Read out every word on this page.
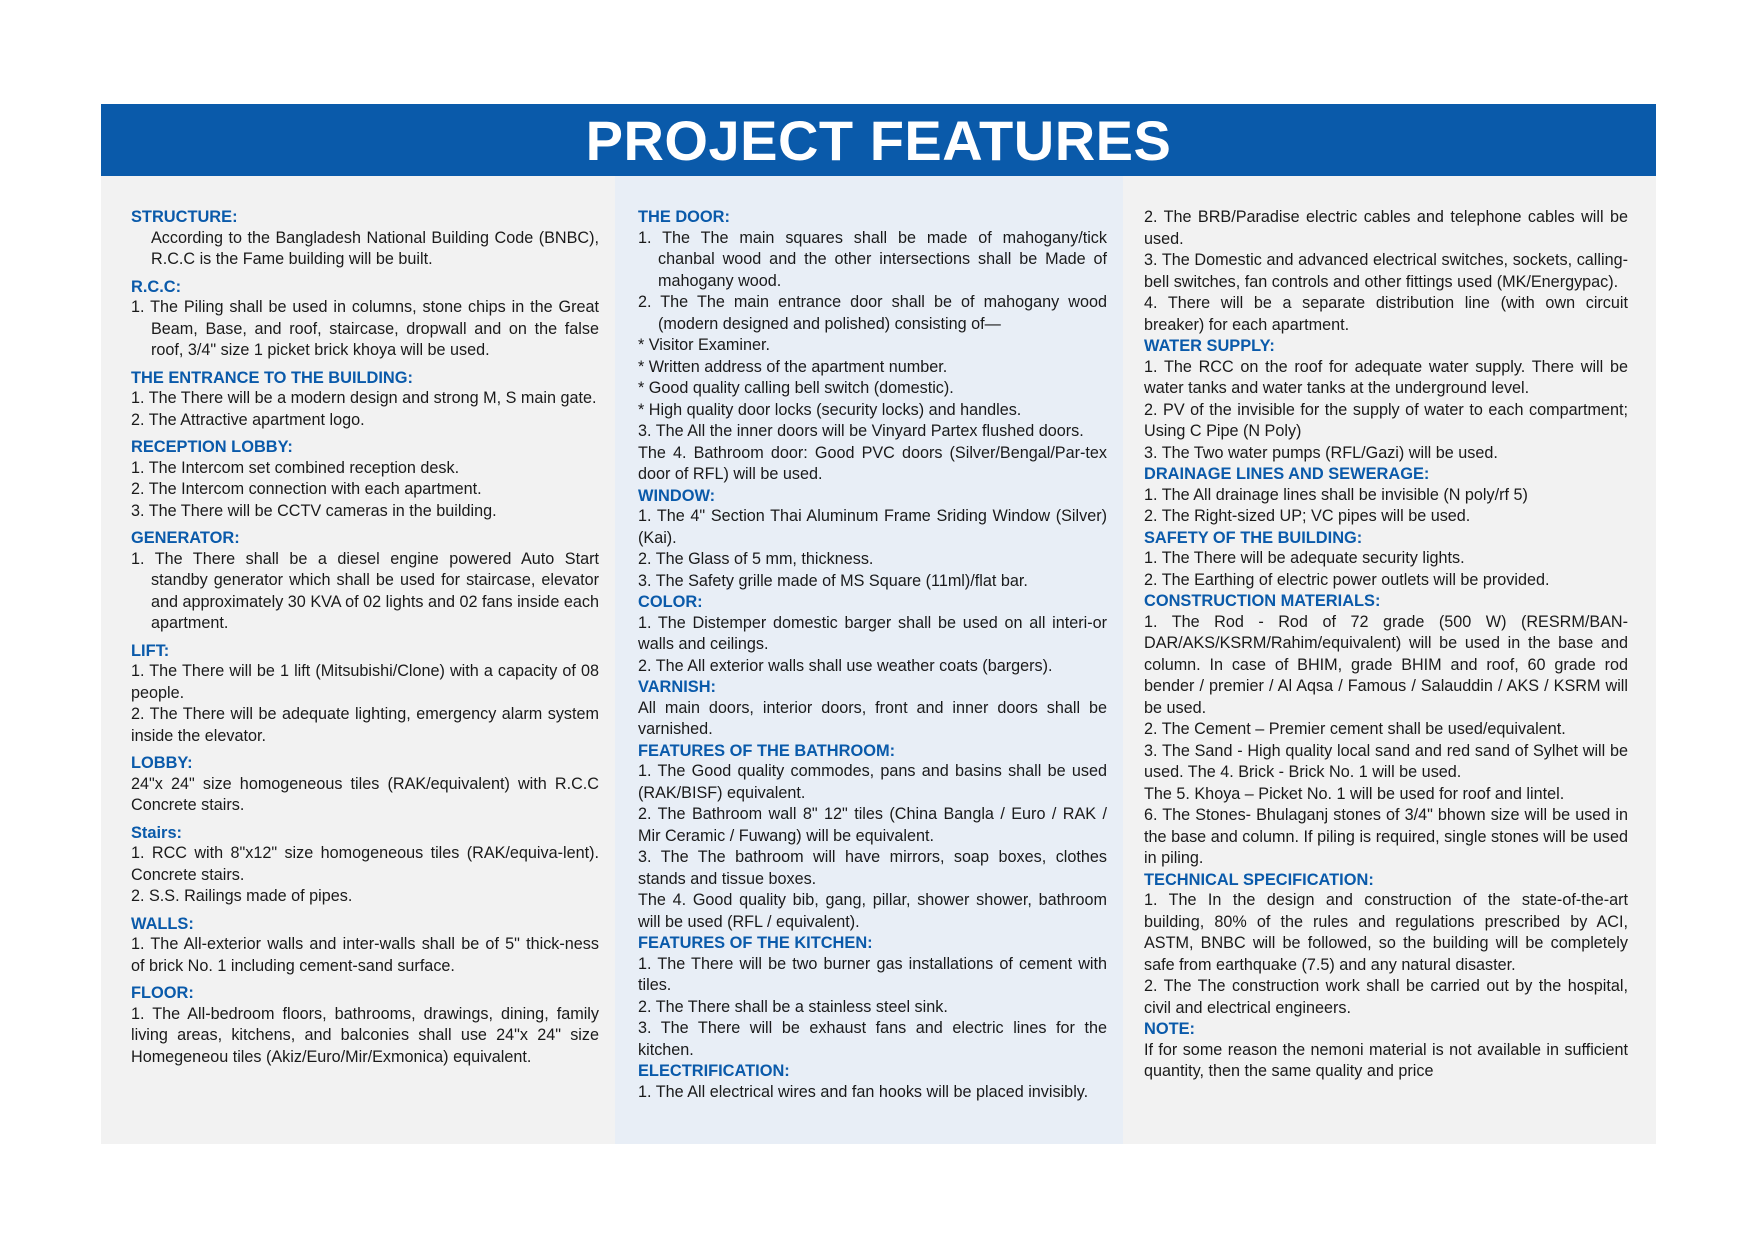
PROJECT FEATURES
STRUCTURE:
According to the Bangladesh National Building Code (BNBC), R.C.C is the Fame building will be built.
R.C.C:
1. The Piling shall be used in columns, stone chips in the Great Beam, Base, and roof, staircase, dropwall and on the false roof, 3/4" size 1 picket brick khoya will be used.
THE ENTRANCE TO THE BUILDING:
1. The There will be a modern design and strong M, S main gate.
2. The Attractive apartment logo.
RECEPTION LOBBY:
1. The Intercom set combined reception desk.
2. The Intercom connection with each apartment.
3. The There will be CCTV cameras in the building.
GENERATOR:
1. The There shall be a diesel engine powered Auto Start standby generator which shall be used for staircase, elevator and approximately 30 KVA of 02 lights and 02 fans inside each apartment.
LIFT:
1. The There will be 1 lift (Mitsubishi/Clone) with a capacity of 08 people.
2. The There will be adequate lighting, emergency alarm system inside the elevator.
LOBBY:
24"x 24" size homogeneous tiles (RAK/equivalent) with R.C.C Concrete stairs.
Stairs:
1. RCC with 8"x12" size homogeneous tiles (RAK/equiva-lent). Concrete stairs.
2. S.S. Railings made of pipes.
WALLS:
1. The All-exterior walls and inter-walls shall be of 5" thick-ness of brick No. 1 including cement-sand surface.
FLOOR:
1. The All-bedroom floors, bathrooms, drawings, dining, family living areas, kitchens, and balconies shall use 24"x 24" size Homegeneou tiles (Akiz/Euro/Mir/Exmonica) equivalent.
THE DOOR:
1. The The main squares shall be made of mahogany/tick chanbal wood and the other intersections shall be Made of mahogany wood.
2. The The main entrance door shall be of mahogany wood (modern designed and polished) consisting of—
* Visitor Examiner.
* Written address of the apartment number.
* Good quality calling bell switch (domestic).
* High quality door locks (security locks) and handles.
3. The All the inner doors will be Vinyard Partex flushed doors.
The 4. Bathroom door: Good PVC doors (Silver/Bengal/Par-tex door of RFL) will be used.
WINDOW:
1. The 4" Section Thai Aluminum Frame Sriding Window (Silver) (Kai).
2. The Glass of 5 mm, thickness.
3. The Safety grille made of MS Square (11ml)/flat bar.
COLOR:
1. The Distemper domestic barger shall be used on all interi-or walls and ceilings.
2. The All exterior walls shall use weather coats (bargers).
VARNISH:
All main doors, interior doors, front and inner doors shall be varnished.
FEATURES OF THE BATHROOM:
1. The Good quality commodes, pans and basins shall be used (RAK/BISF) equivalent.
2. The Bathroom wall 8" 12" tiles (China Bangla / Euro / RAK / Mir Ceramic / Fuwang) will be equivalent.
3. The The bathroom will have mirrors, soap boxes, clothes stands and tissue boxes.
The 4. Good quality bib, gang, pillar, shower shower, bathroom will be used (RFL / equivalent).
FEATURES OF THE KITCHEN:
1. The There will be two burner gas installations of cement with tiles.
2. The There shall be a stainless steel sink.
3. The There will be exhaust fans and electric lines for the kitchen.
ELECTRIFICATION:
1. The All electrical wires and fan hooks will be placed invisibly.
2. The BRB/Paradise electric cables and telephone cables will be used.
3. The Domestic and advanced electrical switches, sockets, calling-bell switches, fan controls and other fittings used (MK/Energypac).
4. There will be a separate distribution line (with own circuit breaker) for each apartment.
WATER SUPPLY:
1. The RCC on the roof for adequate water supply. There will be water tanks and water tanks at the underground level.
2. PV of the invisible for the supply of water to each compartment; Using C Pipe (N Poly)
3. The Two water pumps (RFL/Gazi) will be used.
DRAINAGE LINES AND SEWERAGE:
1. The All drainage lines shall be invisible (N poly/rf 5)
2. The Right-sized UP; VC pipes will be used.
SAFETY OF THE BUILDING:
1. The There will be adequate security lights.
2. The Earthing of electric power outlets will be provided.
CONSTRUCTION MATERIALS:
1. The Rod - Rod of 72 grade (500 W) (RESRM/BAN-DAR/AKS/KSRM/Rahim/equivalent) will be used in the base and column. In case of BHIM, grade BHIM and roof, 60 grade rod bender / premier / Al Aqsa / Famous / Salauddin / AKS / KSRM will be used.
2. The Cement – Premier cement shall be used/equivalent.
3. The Sand - High quality local sand and red sand of Sylhet will be used. The 4. Brick - Brick No. 1 will be used.
The 5. Khoya – Picket No. 1 will be used for roof and lintel.
6. The Stones- Bhulaganj stones of 3/4" bhown size will be used in the base and column. If piling is required, single stones will be used in piling.
TECHNICAL SPECIFICATION:
1. The In the design and construction of the state-of-the-art building, 80% of the rules and regulations prescribed by ACI, ASTM, BNBC will be followed, so the building will be completely safe from earthquake (7.5) and any natural disaster.
2. The The construction work shall be carried out by the hospital, civil and electrical engineers.
NOTE:
If for some reason the nemoni material is not available in sufficient quantity, then the same quality and price
